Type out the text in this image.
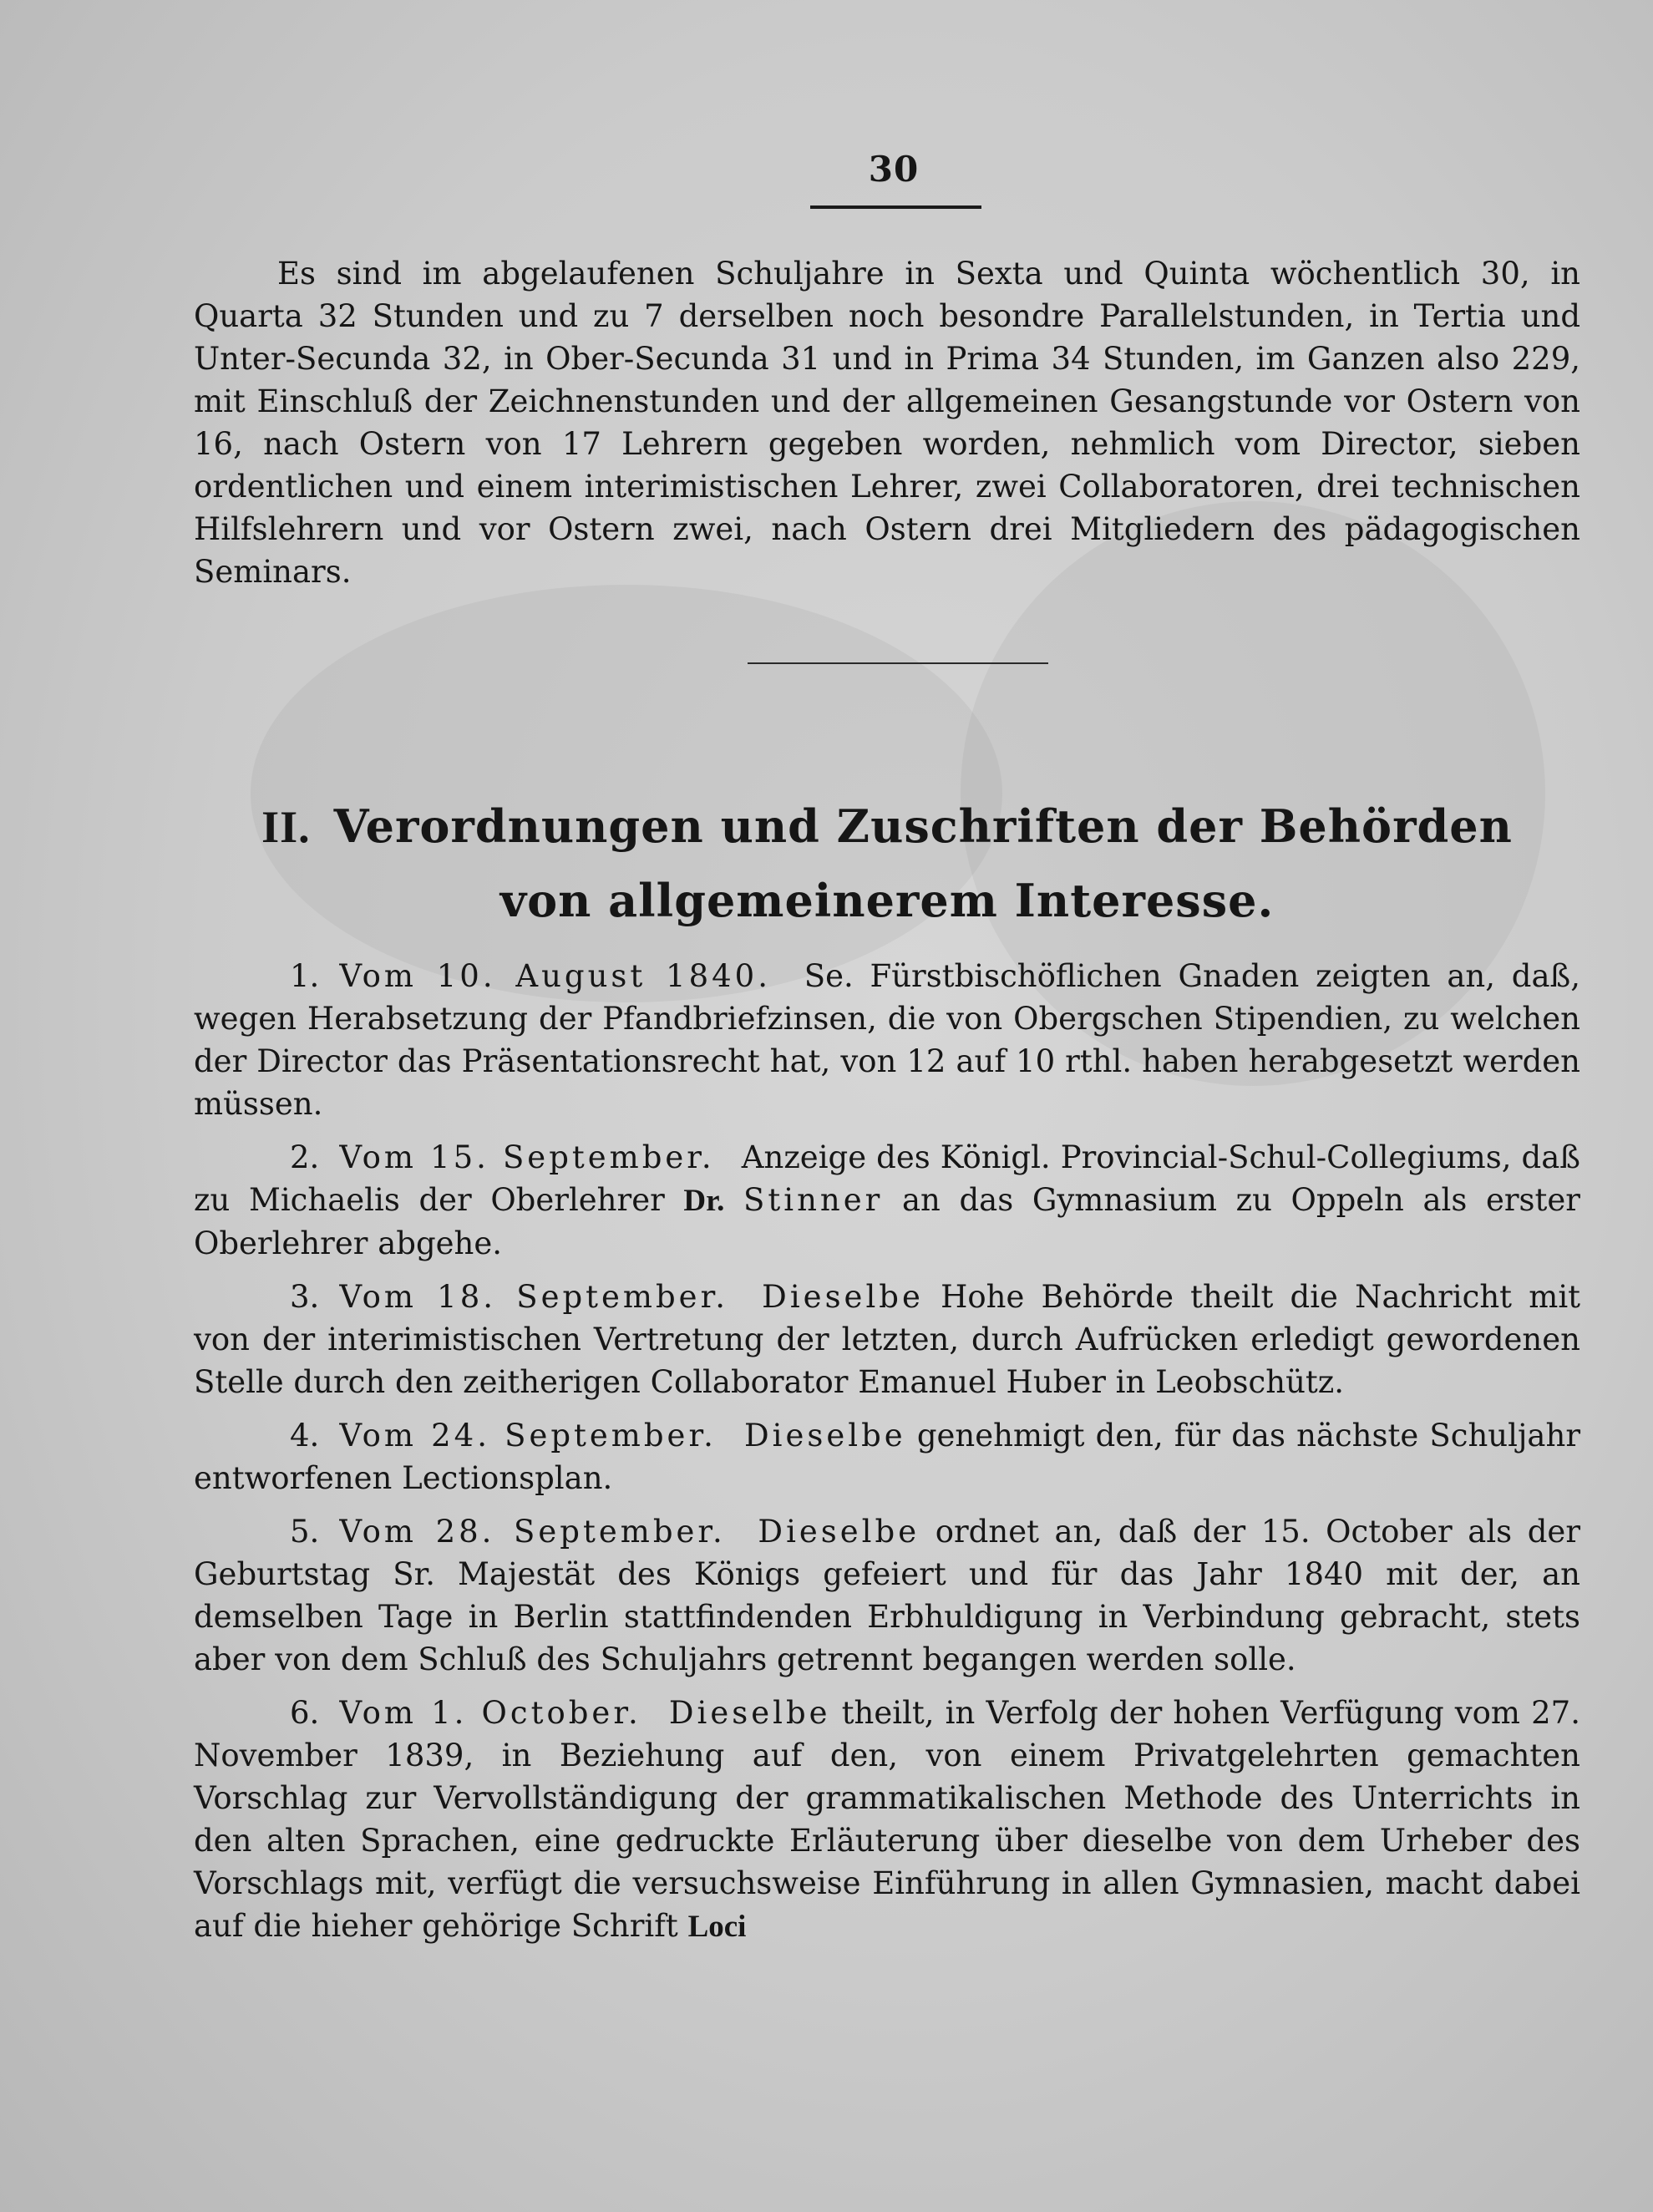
30

Es sind im abgelaufenen Schuljahre in Sexta und Quinta wöchentlich 30, in Quarta 32 Stunden und zu 7 derselben noch besondre Parallelstunden, in Tertia und Unter-Secunda 32, in Ober-Secunda 31 und in Prima 34 Stunden, im Ganzen also 229, mit Einschluß der Zeichnenstunden und der allgemeinen Gesangstunde vor Ostern von 16, nach Ostern von 17 Lehrern gegeben worden, nehmlich vom Director, sieben ordentlichen und einem interimistischen Lehrer, zwei Collaboratoren, drei technischen Hilfslehrern und vor Ostern zwei, nach Ostern drei Mitgliedern des pädagogischen Seminars.

II. Verordnungen und Zuschriften der Behörden
von allgemeinerem Interesse.

1. Vom 10. August 1840. Se. Fürstbischöflichen Gnaden zeigten an, daß, wegen Herabsetzung der Pfandbriefzinsen, die von Obergschen Stipendien, zu welchen der Director das Präsentationsrecht hat, von 12 auf 10 rthl. haben herabgesetzt werden müssen.

2. Vom 15. September. Anzeige des Königl. Provincial-Schul-Collegiums, daß zu Michaelis der Oberlehrer Dr. Stinner an das Gymnasium zu Oppeln als erster Oberlehrer abgehe.

3. Vom 18. September. Dieselbe Hohe Behörde theilt die Nachricht mit von der interimistischen Vertretung der letzten, durch Aufrücken erledigt gewordenen Stelle durch den zeitherigen Collaborator Emanuel Huber in Leobschütz.

4. Vom 24. September. Dieselbe genehmigt den, für das nächste Schuljahr entworfenen Lectionsplan.

5. Vom 28. September. Dieselbe ordnet an, daß der 15. October als der Geburtstag Sr. Majestät des Königs gefeiert und für das Jahr 1840 mit der, an demselben Tage in Berlin stattfindenden Erbhuldigung in Verbindung gebracht, stets aber von dem Schluß des Schuljahrs getrennt begangen werden solle.

6. Vom 1. October. Dieselbe theilt, in Verfolg der hohen Verfügung vom 27. November 1839, in Beziehung auf den, von einem Privatgelehrten gemachten Vorschlag zur Vervollständigung der grammatikalischen Methode des Unterrichts in den alten Sprachen, eine gedruckte Erläuterung über dieselbe von dem Urheber des Vorschlags mit, verfügt die versuchsweise Einführung in allen Gymnasien, macht dabei auf die hieher gehörige Schrift Loci
